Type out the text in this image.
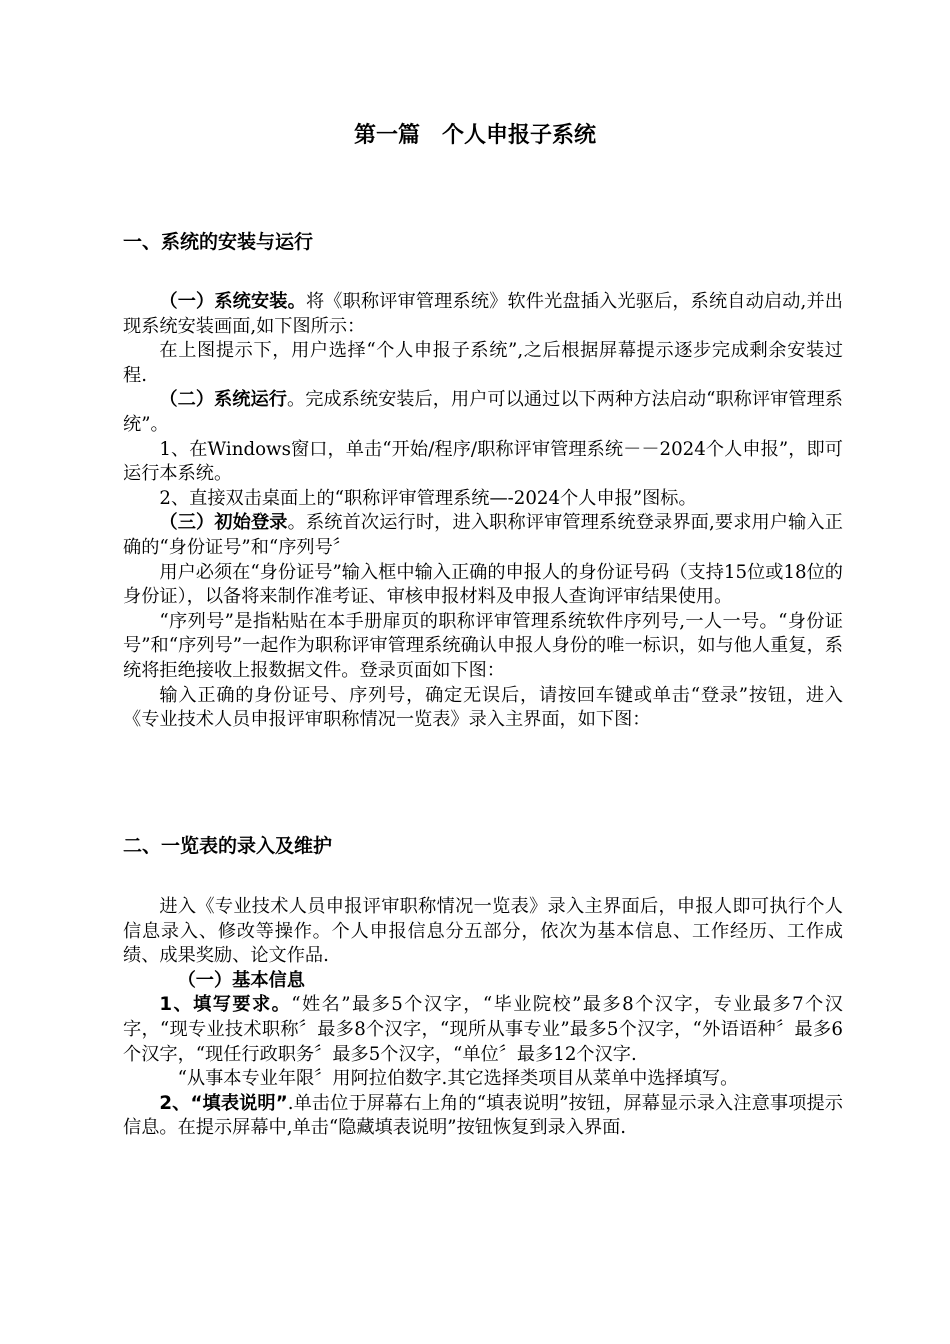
第一篇　个人申报子系统
一、系统的安装与运行

（一）系统安装。将《职称评审管理系统》软件光盘插入光驱后，系统自动启动,并出现系统安装画面,如下图所示：

在上图提示下，用户选择“个人申报子系统”,之后根据屏幕提示逐步完成剩余安装过程.

（二）系统运行。完成系统安装后，用户可以通过以下两种方法启动“职称评审管理系统”。

1、在Windows窗口，单击“开始/程序/职称评审管理系统－－2024个人申报”，即可运行本系统。

2、直接双击桌面上的“职称评审管理系统—-2024个人申报”图标。

（三）初始登录。系统首次运行时，进入职称评审管理系统登录界面,要求用户输入正确的“身份证号”和“序列号〞

用户必须在“身份证号”输入框中输入正确的申报人的身份证号码（支持15位或18位的身份证），以备将来制作准考证、审核申报材料及申报人查询评审结果使用。

“序列号”是指粘贴在本手册扉页的职称评审管理系统软件序列号,一人一号。“身份证号”和“序列号”一起作为职称评审管理系统确认申报人身份的唯一标识，如与他人重复，系统将拒绝接收上报数据文件。登录页面如下图：

输入正确的身份证号、序列号，确定无误后，请按回车键或单击“登录”按钮，进入《专业技术人员申报评审职称情况一览表》录入主界面，如下图：

二、一览表的录入及维护

进入《专业技术人员申报评审职称情况一览表》录入主界面后，申报人即可执行个人信息录入、修改等操作。个人申报信息分五部分，依次为基本信息、工作经历、工作成绩、成果奖励、论文作品.

（一）基本信息

1、填写要求。“姓名”最多5个汉字，“毕业院校”最多8个汉字，专业最多7个汉字，“现专业技术职称〞最多8个汉字，“现所从事专业”最多5个汉字，“外语语种〞最多6个汉字，“现任行政职务〞最多5个汉字，“单位〞最多12个汉字.

“从事本专业年限〞用阿拉伯数字.其它选择类项目从菜单中选择填写。

2、“填表说明”.单击位于屏幕右上角的“填表说明”按钮，屏幕显示录入注意事项提示信息。在提示屏幕中,单击“隐藏填表说明”按钮恢复到录入界面.
